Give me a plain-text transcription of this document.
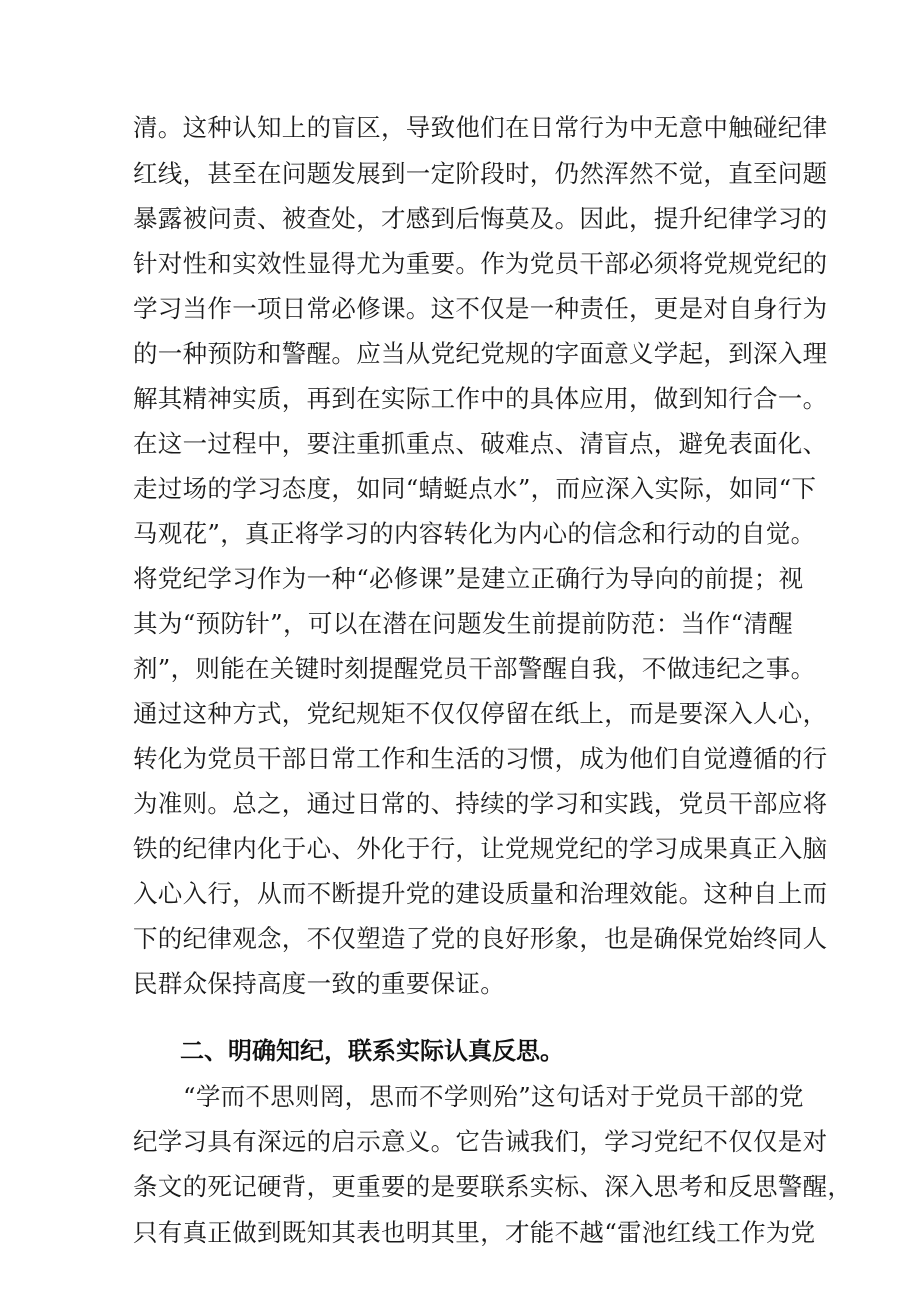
清。这种认知上的盲区，导致他们在日常行为中无意中触碰纪律
红线，甚至在问题发展到一定阶段时，仍然浑然不觉，直至问题
暴露被问责、被查处，才感到后悔莫及。因此，提升纪律学习的
针对性和实效性显得尤为重要。作为党员干部必须将党规党纪的
学习当作一项日常必修课。这不仅是一种责任，更是对自身行为
的一种预防和警醒。应当从党纪党规的字面意义学起，到深入理
解其精神实质，再到在实际工作中的具体应用，做到知行合一。
在这一过程中，要注重抓重点、破难点、清盲点，避免表面化、
走过场的学习态度，如同“蜻蜓点水”，而应深入实际，如同“下
马观花”，真正将学习的内容转化为内心的信念和行动的自觉。
将党纪学习作为一种“必修课”是建立正确行为导向的前提；视
其为“预防针”，可以在潜在问题发生前提前防范：当作“清醒
剂”，则能在关键时刻提醒党员干部警醒自我，不做违纪之事。
通过这种方式，党纪规矩不仅仅停留在纸上，而是要深入人心，
转化为党员干部日常工作和生活的习惯，成为他们自觉遵循的行
为准则。总之，通过日常的、持续的学习和实践，党员干部应将
铁的纪律内化于心、外化于行，让党规党纪的学习成果真正入脑
入心入行，从而不断提升党的建设质量和治理效能。这种自上而
下的纪律观念，不仅塑造了党的良好形象，也是确保党始终同人
民群众保持高度一致的重要保证。
二、明确知纪，联系实际认真反思。
“学而不思则罔，思而不学则殆”这句话对于党员干部的党
纪学习具有深远的启示意义。它告诫我们，学习党纪不仅仅是对
条文的死记硬背，更重要的是要联系实标、深入思考和反思警醒，
只有真正做到既知其表也明其里，才能不越“雷池红线工作为党
